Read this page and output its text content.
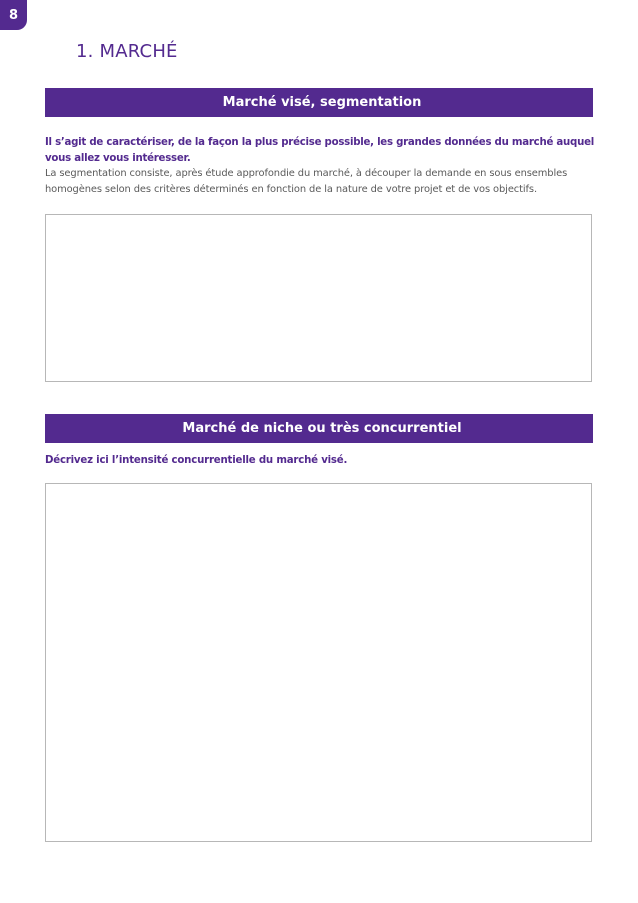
8
1. MARCHÉ
Marché visé, segmentation

Il s’agit de caractériser, de la façon la plus précise possible, les grandes données du marché auquel vous allez vous intéresser.
La segmentation consiste, après étude approfondie du marché, à découper la demande en sous ensembles homogènes selon des critères déterminés en fonction de la nature de votre projet et de vos objectifs.

Marché de niche ou très concurrentiel

Décrivez ici l’intensité concurrentielle du marché visé.
